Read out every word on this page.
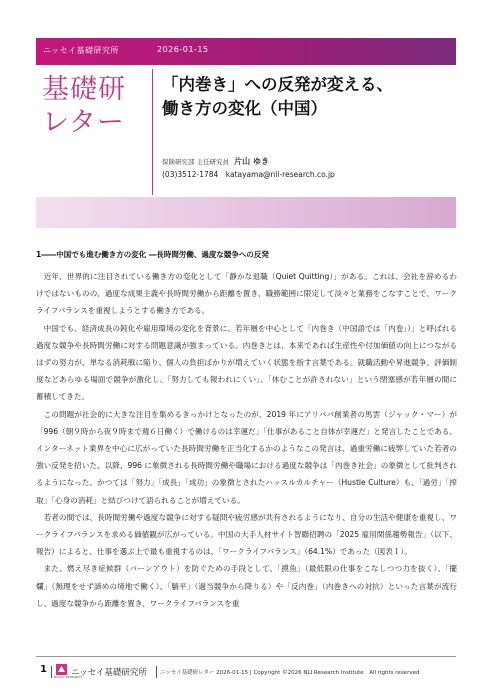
ニッセイ基礎研究所	2026-01-15
基礎研
レター
「内巻き」への反発が変える、
働き方の変化（中国）
保険研究部 主任研究員 片山 ゆき
(03)3512-1784　katayama@nli-research.co.jp
1――中国でも進む働き方の変化 ―長時間労働、過度な競争への反発

近年、世界的に注目されている働き方の変化として「静かな退職（Quiet Quitting）」がある。これは、会社を辞めるわけではないものの、過度な成果主義や長時間労働から距離を置き、職務範囲に限定して淡々と業務をこなすことで、ワークライフバランスを重視しようとする働き方である。

中国でも、経済成長の鈍化や雇用環境の変化を背景に、若年層を中心として「内巻き（中国語では「内卷」）」と呼ばれる過度な競争や長時間労働に対する問題意識が強まっている。内巻きとは、本来であれば生産性や付加価値の向上につながるはずの努力が、単なる消耗戦に陥り、個人の負担ばかりが増えていく状態を指す言葉である。就職活動や昇進競争、評価制度などあらゆる場面で競争が激化し、「努力しても報われにくい」、「休むことが許されない」という閉塞感が若年層の間に蓄積してきた。

この問題が社会的に大きな注目を集めるきっかけとなったのが、2019 年にアリババ創業者の馬雲（ジャック・マー）が「996（朝９時から夜９時まで週６日働く）で働けるのは幸運だ」「仕事があること自体が幸運だ」と発言したことである。インターネット業界を中心に広がっていた長時間労働を正当化するかのようなこの発言は、過重労働に疲弊していた若者の強い反発を招いた。以降、996 に象徴される長時間労働や職場における過度な競争は「内巻き社会」の象徴として批判されるようになった。かつては「努力」「成長」「成功」の象徴とされたハッスルカルチャー（Hustle Culture）も、「過労」「搾取」「心身の消耗」と結びつけて語られることが増えている。

若者の間では、長時間労働や過度な競争に対する疑問や疲労感が共有されるようになり、自分の生活や健康を重視し、ワークライフバランスを求める価値観が広がっている。中国の大手人材サイト智聯招聘の「2025 雇用関係趨勢報告」（以下、報告）によると、仕事を選ぶ上で最も重視するのは、「ワークライフバランス」（64.1%）であった（図表１）。

また、燃え尽き症候群（バーンアウト）を防ぐための手段として、「摸魚」（最低限の仕事をこなしつつ力を抜く）、「擺爛」（無理をせず諦めの境地で働く）、「躺平」（過当競争から降りる）や「反内巻」（内巻きへの対抗）といった言葉が流行し、過度な競争から距離を置き、ワークライフバランスを重

1
NISSAY RESEARCH
ニッセイ基礎研究所 ニッセイ基礎研レター 2026-01-15 | Copyright ©2026 NLI Research Institute　All rights reserved
